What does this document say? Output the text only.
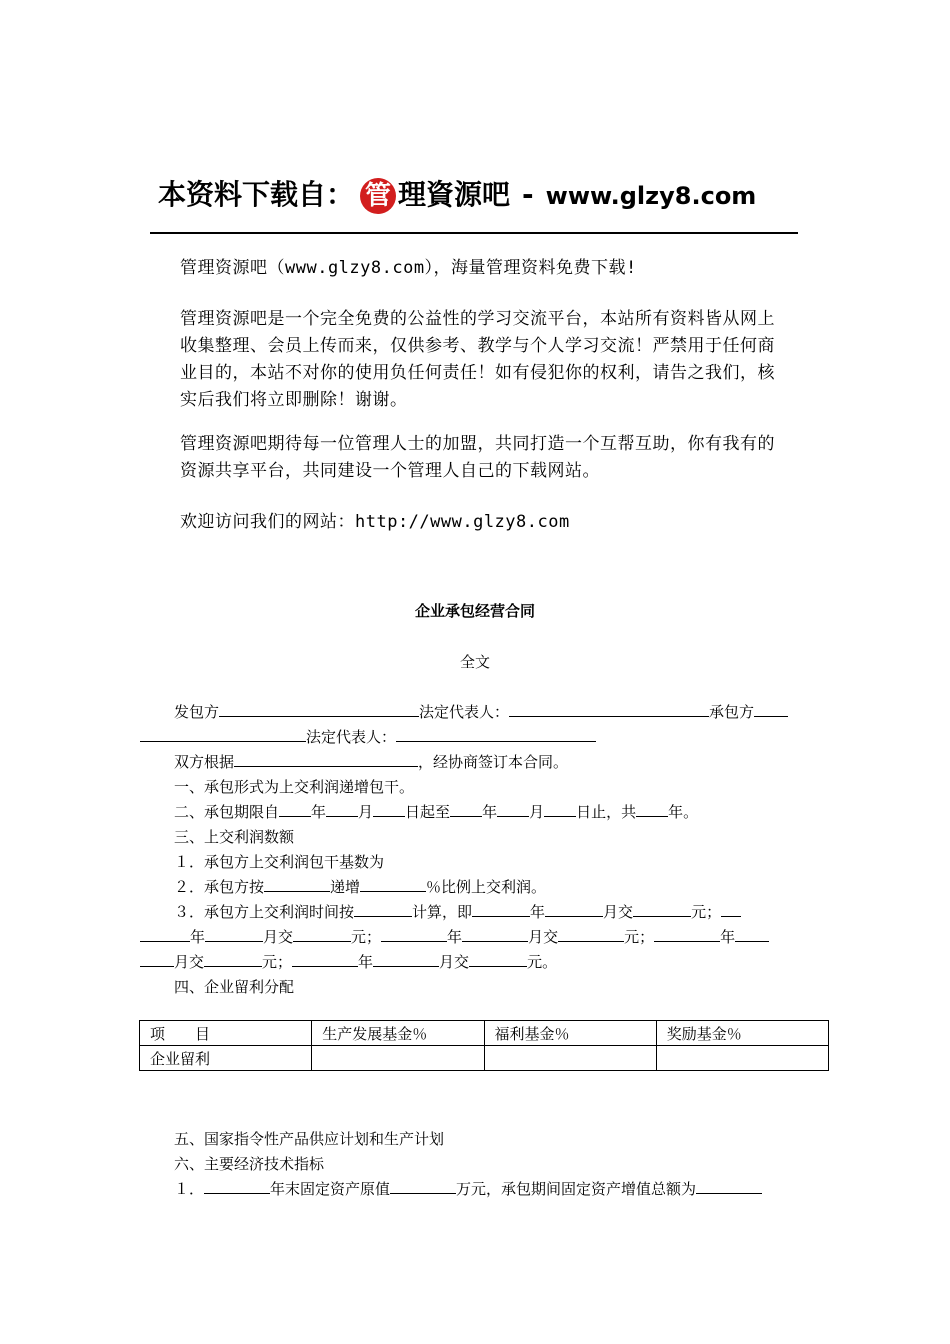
本资料下载自： 管 理資源吧 - www.glzy8.com

管理资源吧（www.glzy8.com），海量管理资料免费下载!

管理资源吧是一个完全免费的公益性的学习交流平台，本站所有资料皆从网上收集整理、会员上传而来，仅供参考、教学与个人学习交流！严禁用于任何商业目的，本站不对你的使用负任何责任！如有侵犯你的权利，请告之我们，核实后我们将立即删除！谢谢。

管理资源吧期待每一位管理人士的加盟，共同打造一个互帮互助，你有我有的资源共享平台，共同建设一个管理人自己的下载网站。

欢迎访问我们的网站：http://www.glzy8.com

企业承包经营合同
全文
发包方	法定代表人：	承包方
法定代表人：
双方根据	，经协商签订本合同。
一、承包形式为上交利润递增包干。
二、承包期限自 年 月 日起至 年 月 日止，共 年。
三、上交利润数额
１．承包方上交利润包干基数为
２．承包方按	递增	％比例上交利润。
３．承包方上交利润时间按	计算，即	年	月交	元；
年	月交	元；	年	月交	元；	年
月交	元；	年	月交	元。
四、企业留利分配
项　　目	生产发展基金％	福利基金％	奖励基金％
企业留利			
五、国家指令性产品供应计划和生产计划
六、主要经济技术指标
１．	年末固定资产原值	万元，承包期间固定资产增值总额为
